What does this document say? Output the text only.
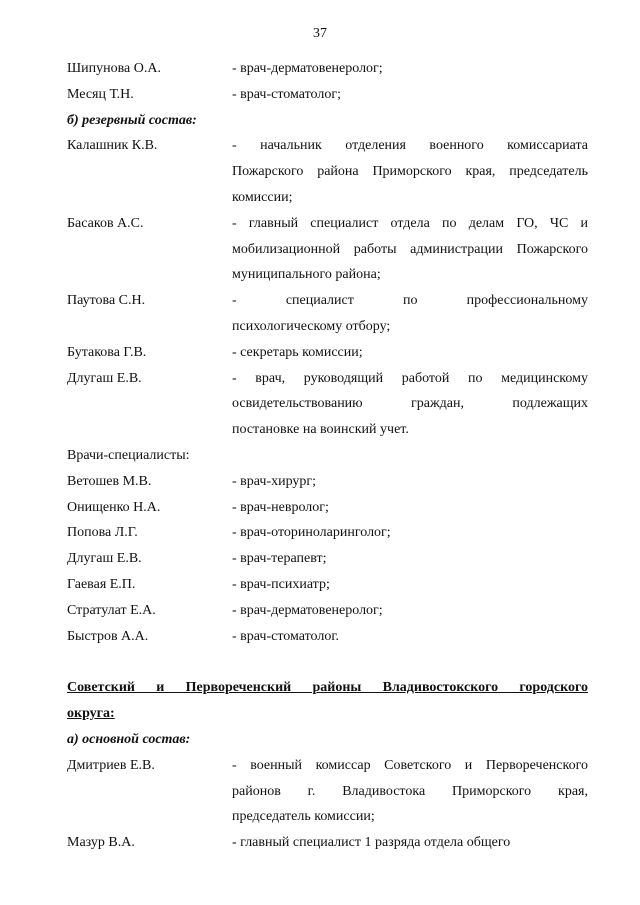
37
Шипунова О.А.	- врач-дерматовенеролог;
Месяц Т.Н.	- врач-стоматолог;
б) резервный состав:
Калашник К.В.	- начальник отделения военного комиссариата
Пожарского района Приморского края, председатель
комиссии;
Басаков А.С.	- главный специалист отдела по делам ГО, ЧС и
мобилизационной работы администрации Пожарского
муниципального района;
Паутова С.Н.	- специалист по профессиональному
психологическому отбору;
Бутакова Г.В.	- секретарь комиссии;
Длугаш Е.В.	- врач, руководящий работой по медицинскому
освидетельствованию граждан, подлежащих
постановке на воинский учет.
Врачи-специалисты:
Ветошев М.В.	- врач-хирург;
Онищенко Н.А.	- врач-невролог;
Попова Л.Г.	- врач-оториноларинголог;
Длугаш Е.В.	- врач-терапевт;
Гаевая Е.П.	- врач-психиатр;
Стратулат Е.А.	- врач-дерматовенеролог;
Быстров А.А.	- врач-стоматолог.
Советский и Первореченский районы Владивостокского городского
округа:
а) основной состав:
Дмитриев Е.В.	- военный комиссар Советского и Первореченского
районов г. Владивостока Приморского края,
председатель комиссии;
Мазур В.А.	- главный специалист 1 разряда отдела общего
